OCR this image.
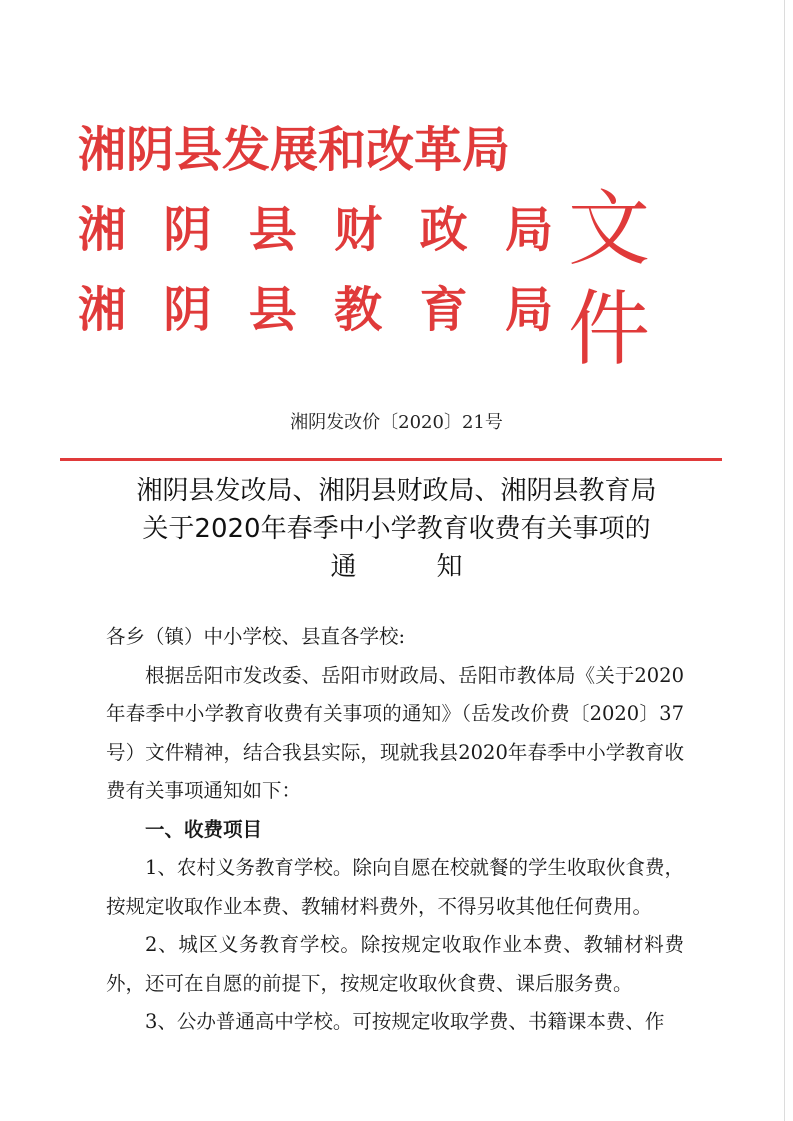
湘阴县发展和改革局
湘 阴 县 财 政 局
湘 阴 县 教 育 局
文件
湘阴发改价〔2020〕21号
湘阴县发改局、湘阴县财政局、湘阴县教育局
关于2020年春季中小学教育收费有关事项的
通	知

各乡（镇）中小学校、县直各学校:

根据岳阳市发改委、岳阳市财政局、岳阳市教体局《关于2020年春季中小学教育收费有关事项的通知》（岳发改价费〔2020〕37号）文件精神，结合我县实际，现就我县2020年春季中小学教育收费有关事项通知如下：

一、收费项目

1、农村义务教育学校。除向自愿在校就餐的学生收取伙食费，按规定收取作业本费、教辅材料费外，不得另收其他任何费用。

2、城区义务教育学校。除按规定收取作业本费、教辅材料费外，还可在自愿的前提下，按规定收取伙食费、课后服务费。

3、公办普通高中学校。可按规定收取学费、书籍课本费、作
